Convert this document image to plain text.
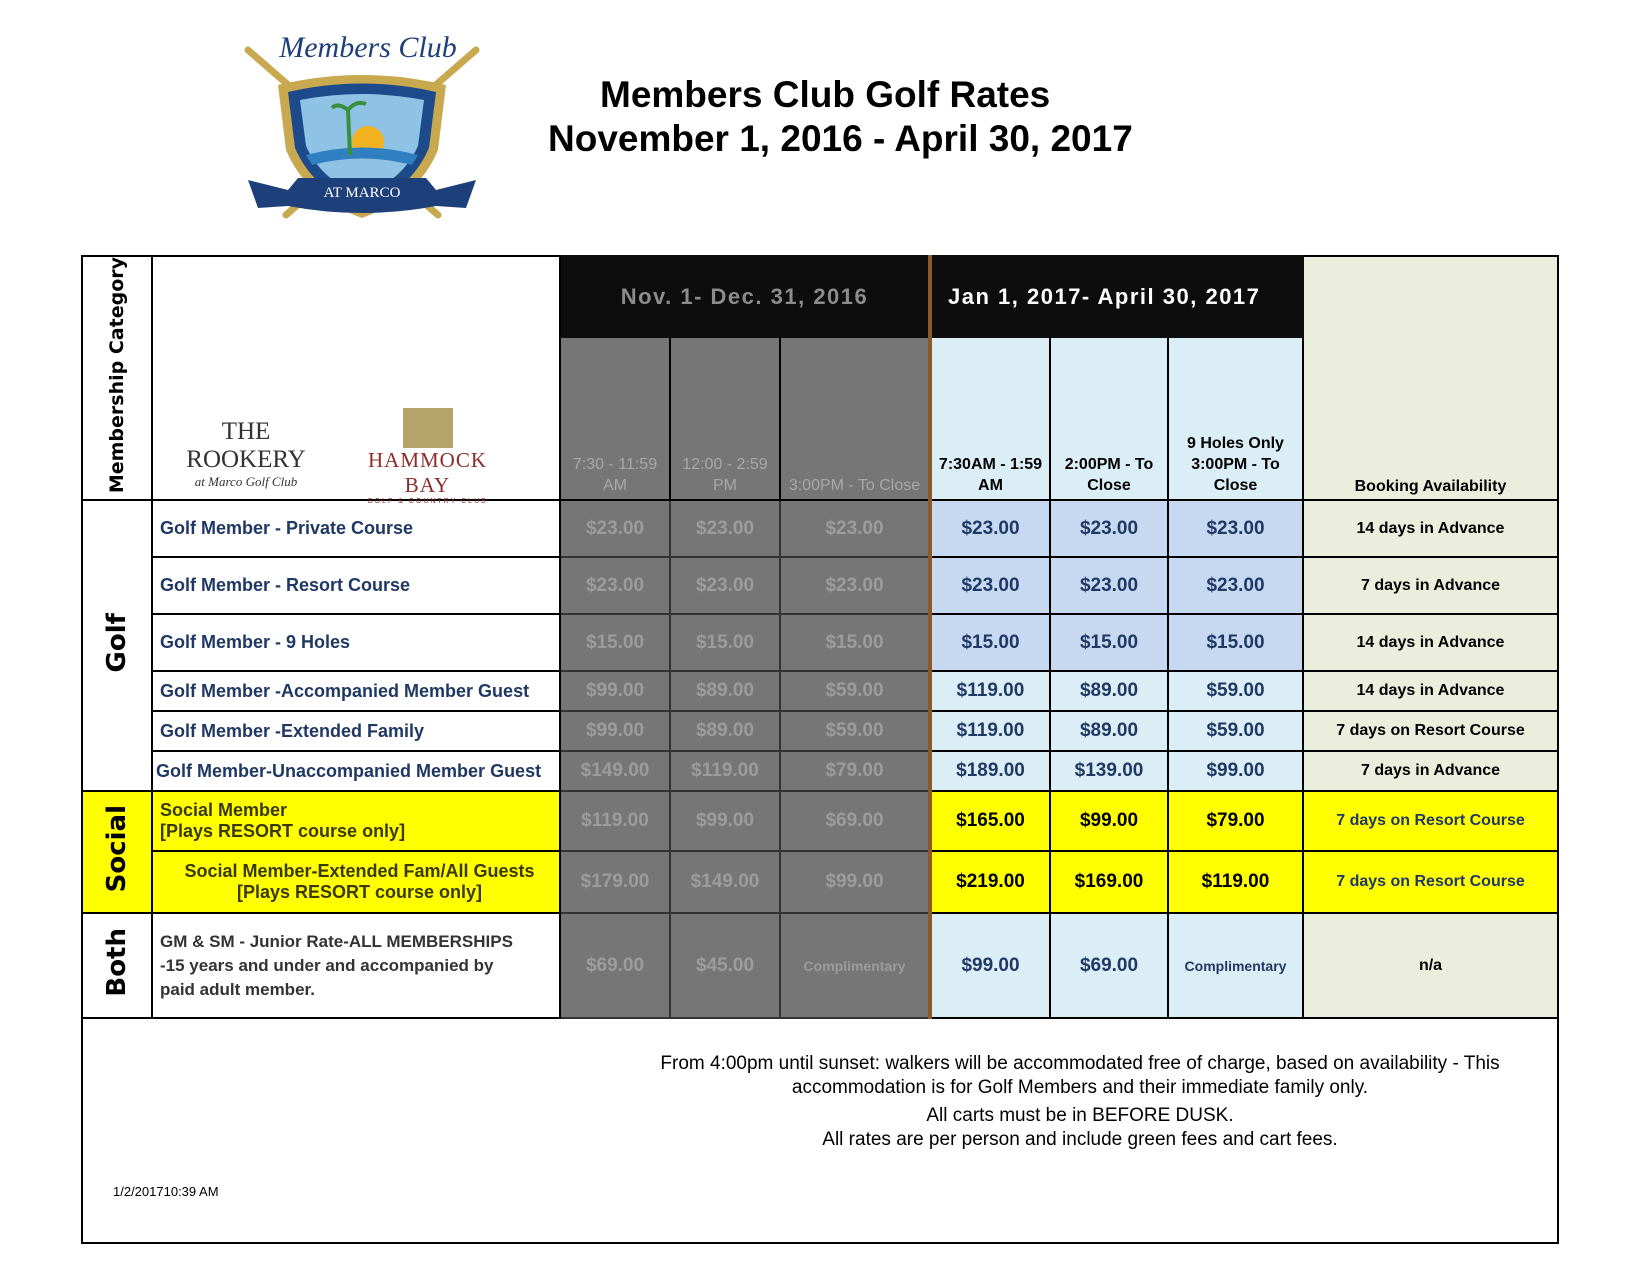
AT MARCO
Members Club
Members Club Golf Rates
November 1, 2016 - April 30, 2017
Membership Category	THE ROOKERY
at Marco Golf Club
HAMMOCK BAY
GOLF & COUNTRY CLUB	Nov. 1- Dec. 31, 2016			Jan 1, 2017- April 30, 2017			Booking Availability
		7:30 - 11:59 AM	12:00 - 2:59 PM	3:00PM - To Close	7:30AM - 1:59 AM	2:00PM - To Close	9 Holes Only 3:00PM - To Close	
Golf	Golf Member - Private Course	$23.00	$23.00	$23.00	$23.00	$23.00	$23.00	14 days in Advance
	Golf Member - Resort Course	$23.00	$23.00	$23.00	$23.00	$23.00	$23.00	7 days in Advance
	Golf Member - 9 Holes	$15.00	$15.00	$15.00	$15.00	$15.00	$15.00	14 days in Advance
	Golf Member -Accompanied Member Guest	$99.00	$89.00	$59.00	$119.00	$89.00	$59.00	14 days in Advance
	Golf Member -Extended Family	$99.00	$89.00	$59.00	$119.00	$89.00	$59.00	7 days on Resort Course
	Golf Member-Unaccompanied Member Guest	$149.00	$119.00	$79.00	$189.00	$139.00	$99.00	7 days in Advance
Social	Social Member
[Plays RESORT course only]	$119.00	$99.00	$69.00	$165.00	$99.00	$79.00	7 days on Resort Course

	Social Member-Extended Fam/All Guests
[Plays RESORT course only]	$179.00	$149.00	$99.00	$219.00	$169.00	$119.00	7 days on Resort Course
Both	GM & SM - Junior Rate-ALL MEMBERSHIPS -15 years and under and accompanied by paid adult member.	$69.00	$45.00	Complimentary	$99.00	$69.00	Complimentary	n/a

From 4:00pm until sunset: walkers will be accommodated free of charge, based on availability - This
accommodation is for Golf Members and their immediate family only.
All carts must be in BEFORE DUSK.
All rates are per person and include green fees and cart fees.								
1/2/201710:39 AM
